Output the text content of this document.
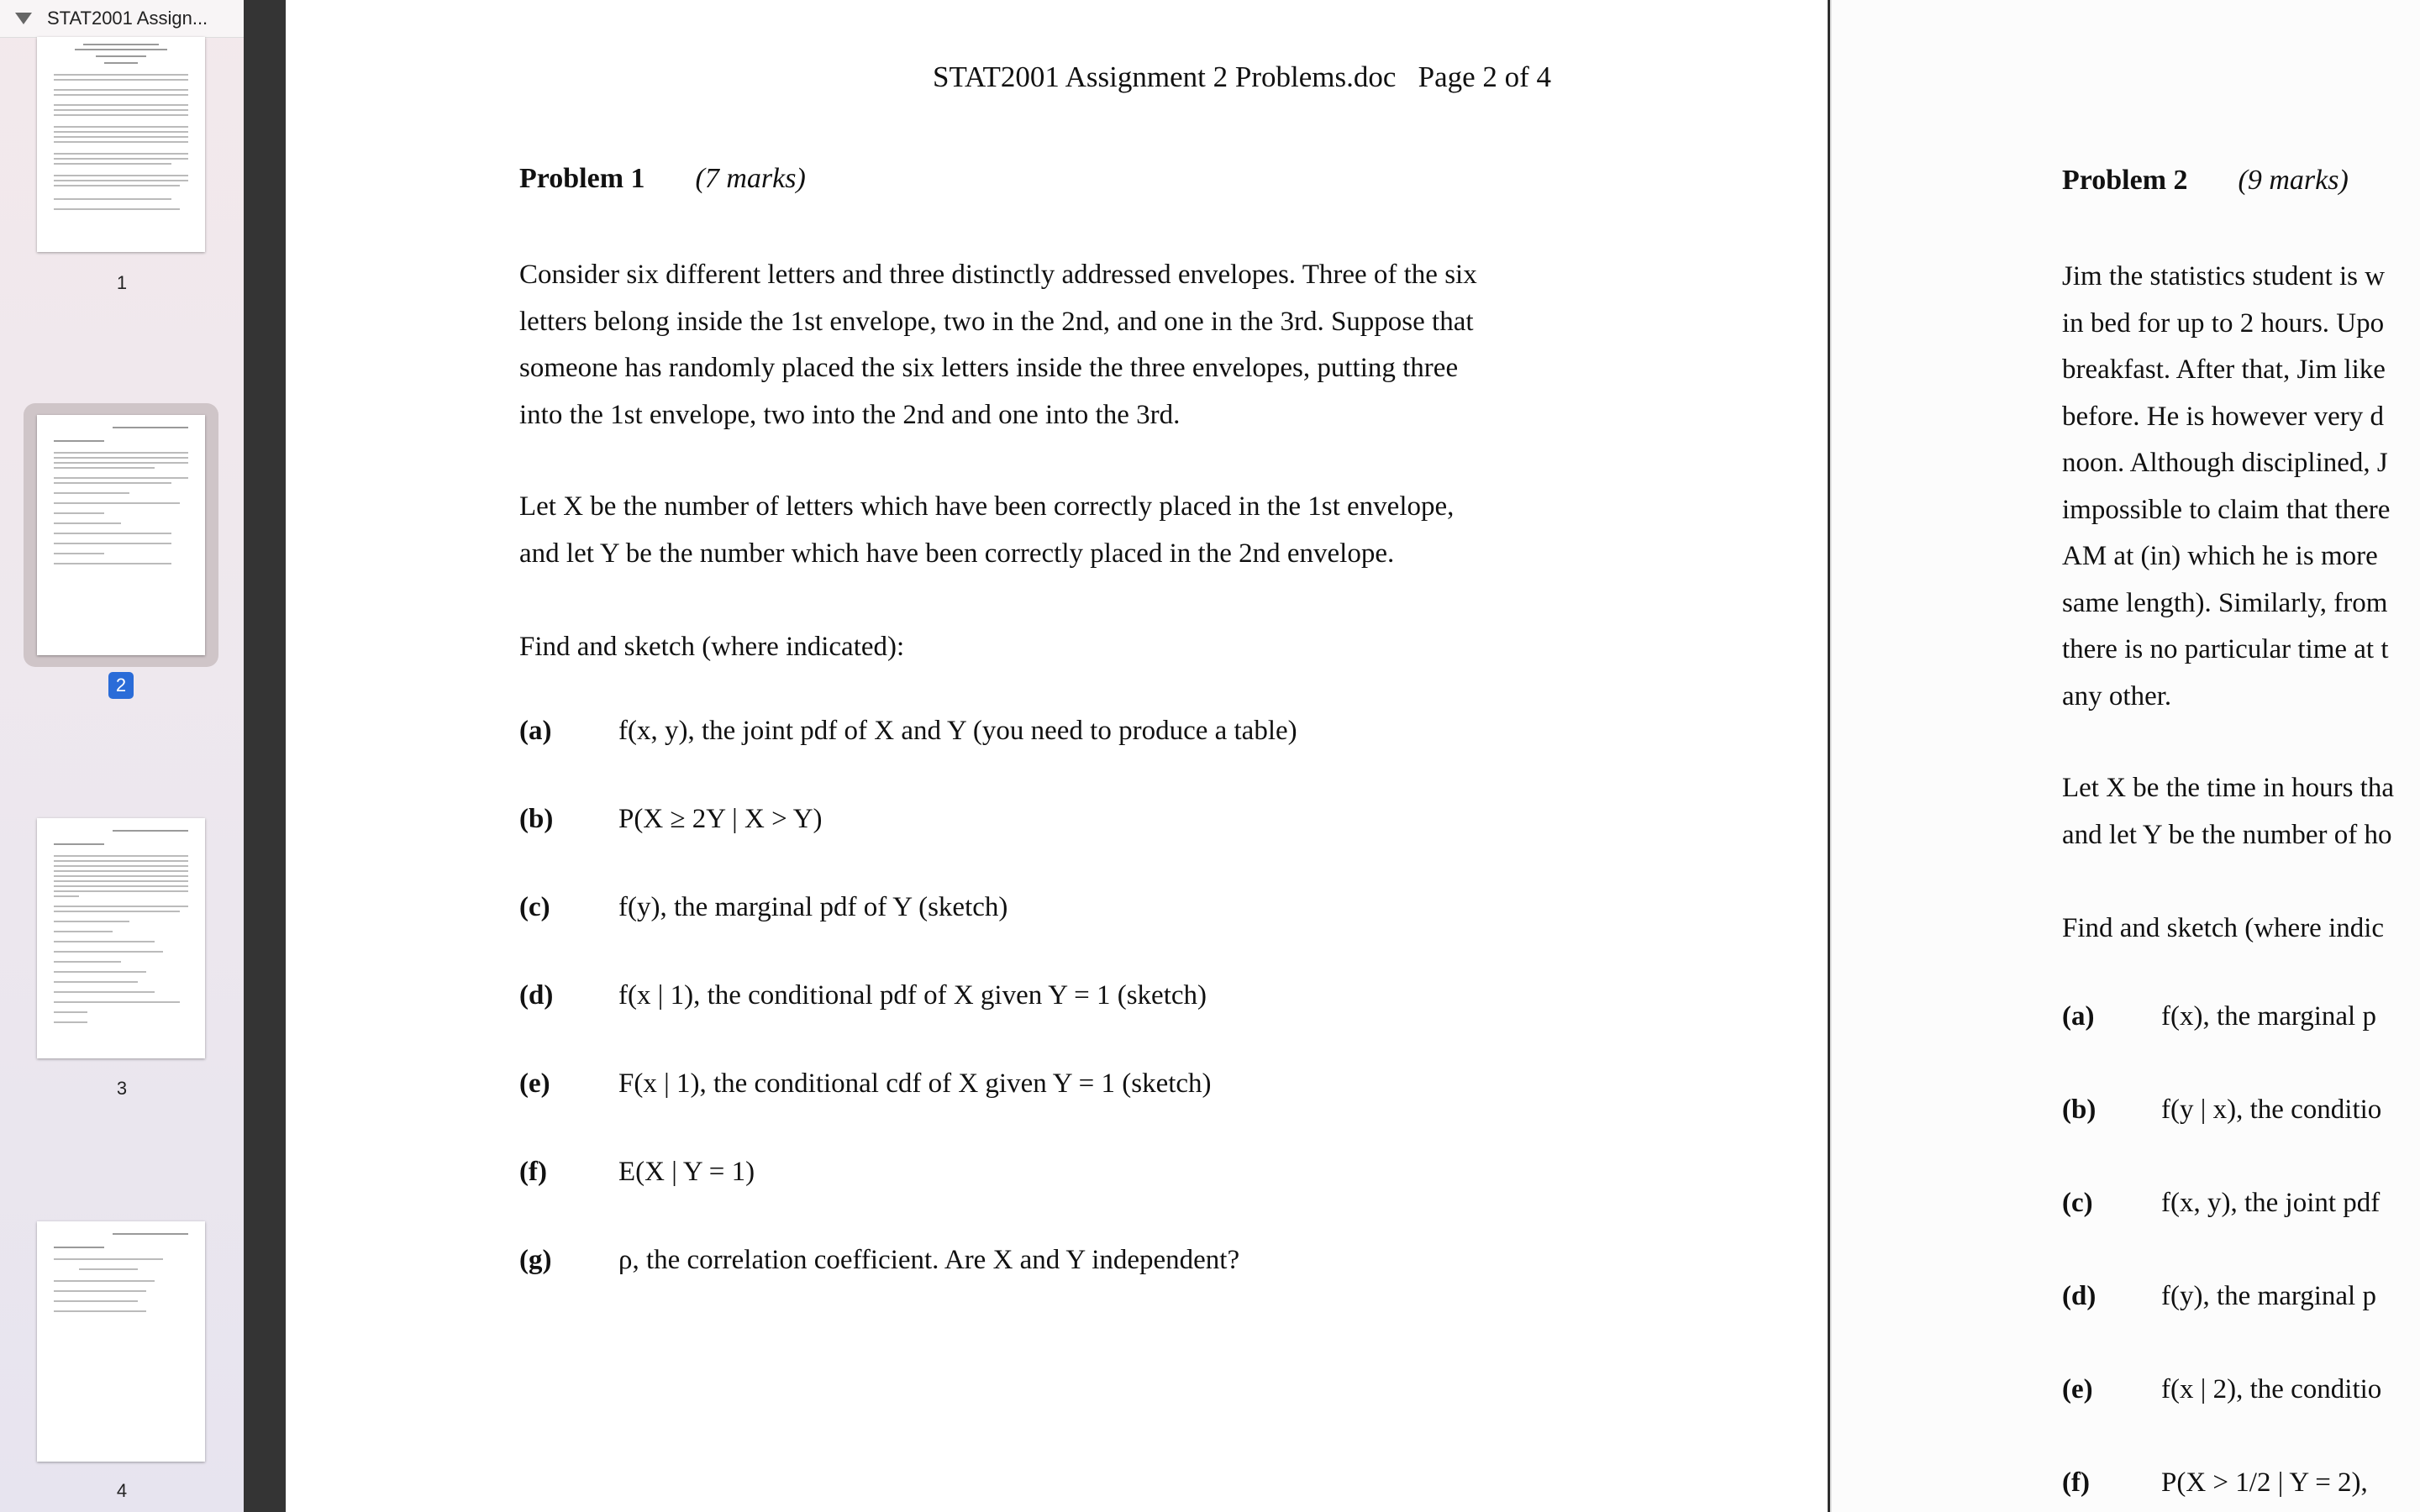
STAT2001 Assign...
1
2
3
4
STAT2001 Assignment 2 Problems.doc   Page 2 of 4
Problem 1 (7 marks)
Consider six different letters and three distinctly addressed envelopes. Three of the six
letters belong inside the 1st envelope, two in the 2nd, and one in the 3rd. Suppose that
someone has randomly placed the six letters inside the three envelopes, putting three
into the 1st envelope, two into the 2nd and one into the 3rd.
Let X be the number of letters which have been correctly placed in the 1st envelope,
and let Y be the number which have been correctly placed in the 2nd envelope.
Find and sketch (where indicated):
(a) f(x, y), the joint pdf of X and Y (you need to produce a table)
(b) P(X ≥ 2Y | X > Y)
(c) f(y), the marginal pdf of Y (sketch)
(d) f(x | 1), the conditional pdf of X given Y = 1 (sketch)
(e) F(x | 1), the conditional cdf of X given Y = 1 (sketch)
(f)	E(X | Y = 1)
(g) ρ, the correlation coefficient. Are X and Y independent?
Problem 2 (9 marks)
Jim the statistics student is w
in bed for up to 2 hours. Upo
breakfast. After that, Jim like
before. He is however very d
noon. Although disciplined, J
impossible to claim that there
AM at (in) which he is more
same length). Similarly, from
there is no particular time at t
any other.
Let X be the time in hours tha
and let Y be the number of ho
Find and sketch (where indic
(a) f(x), the marginal p
(b) f(y | x), the conditio
(c) f(x, y), the joint pdf
(d) f(y), the marginal p
(e) f(x | 2), the conditio
(f)	P(X > 1/2 | Y = 2),
